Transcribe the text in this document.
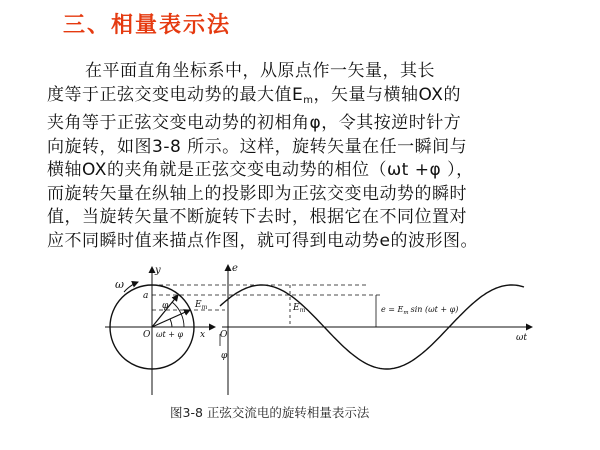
三、相量表示法
在平面直角坐标系中，从原点作一矢量，其长
度等于正弦交变电动势的最大值$E_m$，矢量与横轴OX的
夹角等于正弦交变电动势的初相角φ，令其按逆时针方
向旋转，如图3-8 所示。这样，旋转矢量在任一瞬间与
横轴OX的夹角就是正弦交变电动势的相位（ωt +φ ），
而旋转矢量在纵轴上的投影即为正弦交变电动势的瞬时
值，当旋转矢量不断旋转下去时，根据它在不同位置对
应不同瞬时值来描点作图，就可得到电动势e的波形图。
ω
y
φ	$E_m$
a
O ωt + φ x
e
O	ωt
φ
$E_m$	$e = E_m$ sin (ωt + φ)
图3-8 正弦交流电的旋转相量表示法
